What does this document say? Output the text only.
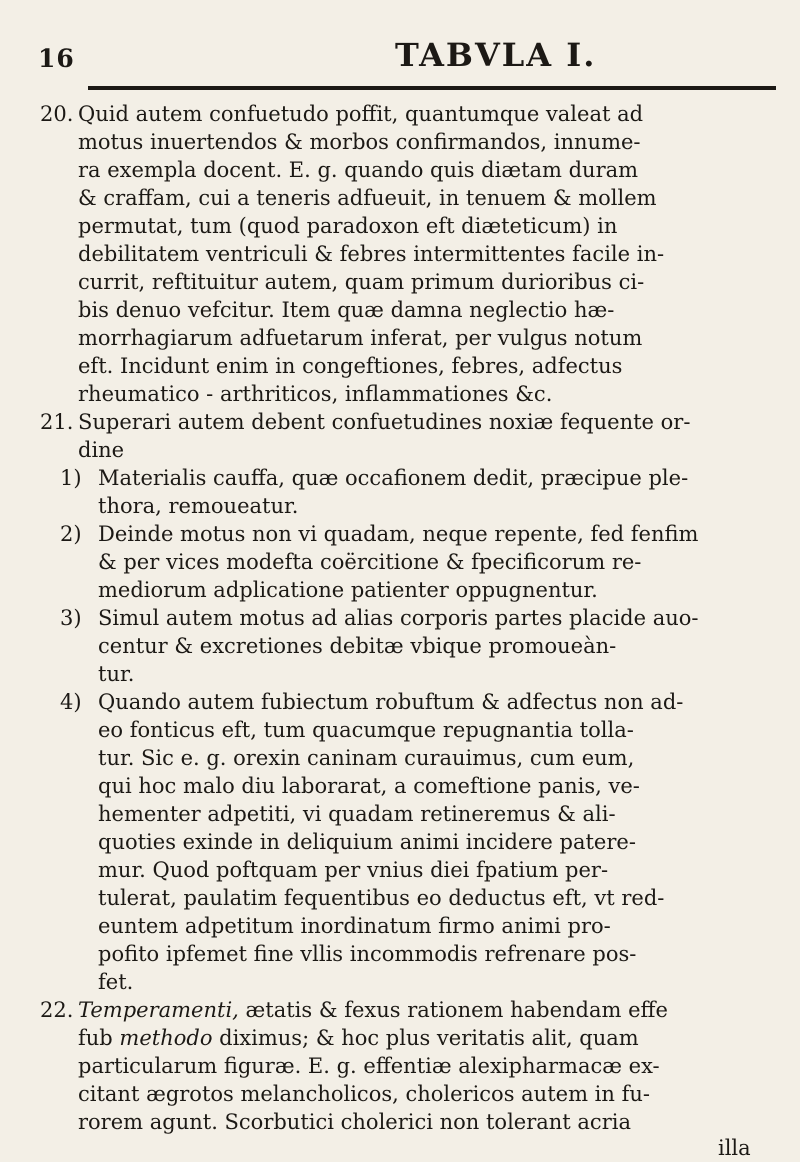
16	TABVLA I.
20. Quid autem confuetudo poffit, quantumque valeat ad
motus inuertendos & morbos confirmandos, innume-
ra exempla docent. E. g. quando quis diætam duram
& craffam, cui a teneris adfueuit, in tenuem & mollem
permutat, tum (quod paradoxon eft diæteticum) in
debilitatem ventriculi & febres intermittentes facile in-
currit, reftituitur autem, quam primum durioribus ci-
bis denuo vefcitur. Item quæ damna neglectio hæ-
morrhagiarum adfuetarum inferat, per vulgus notum
eft. Incidunt enim in congeftiones, febres, adfectus
rheumatico - arthriticos, inflammationes &c.
21. Superari autem debent confuetudines noxiæ fequente or-
dine
1) Materialis cauffa, quæ occafionem dedit, præcipue ple-
thora, remoueatur.
2) Deinde motus non vi quadam, neque repente, fed fenfim
& per vices modefta coërcitione & fpecificorum re-
mediorum adplicatione patienter oppugnentur.
3) Simul autem motus ad alias corporis partes placide auo-
centur & excretiones debitæ vbique promoueàn-
tur.
4) Quando autem fubiectum robuftum & adfectus non ad-
eo fonticus eft, tum quacumque repugnantia tolla-
tur. Sic e. g. orexin caninam curauimus, cum eum,
qui hoc malo diu laborarat, a comeftione panis, ve-
hementer adpetiti, vi quadam retineremus & ali-
quoties exinde in deliquium animi incidere patere-
mur. Quod poftquam per vnius diei fpatium per-
tulerat, paulatim fequentibus eo deductus eft, vt red-
euntem adpetitum inordinatum firmo animi pro-
pofito ipfemet fine vllis incommodis refrenare pos-
fet.
22. Temperamenti, ætatis & fexus rationem habendam effe
fub methodo diximus; & hoc plus veritatis alit, quam
particularum figuræ. E. g. effentiæ alexipharmacæ ex-
citant ægrotos melancholicos, cholericos autem in fu-
rorem agunt. Scorbutici cholerici non tolerant acria
illa
